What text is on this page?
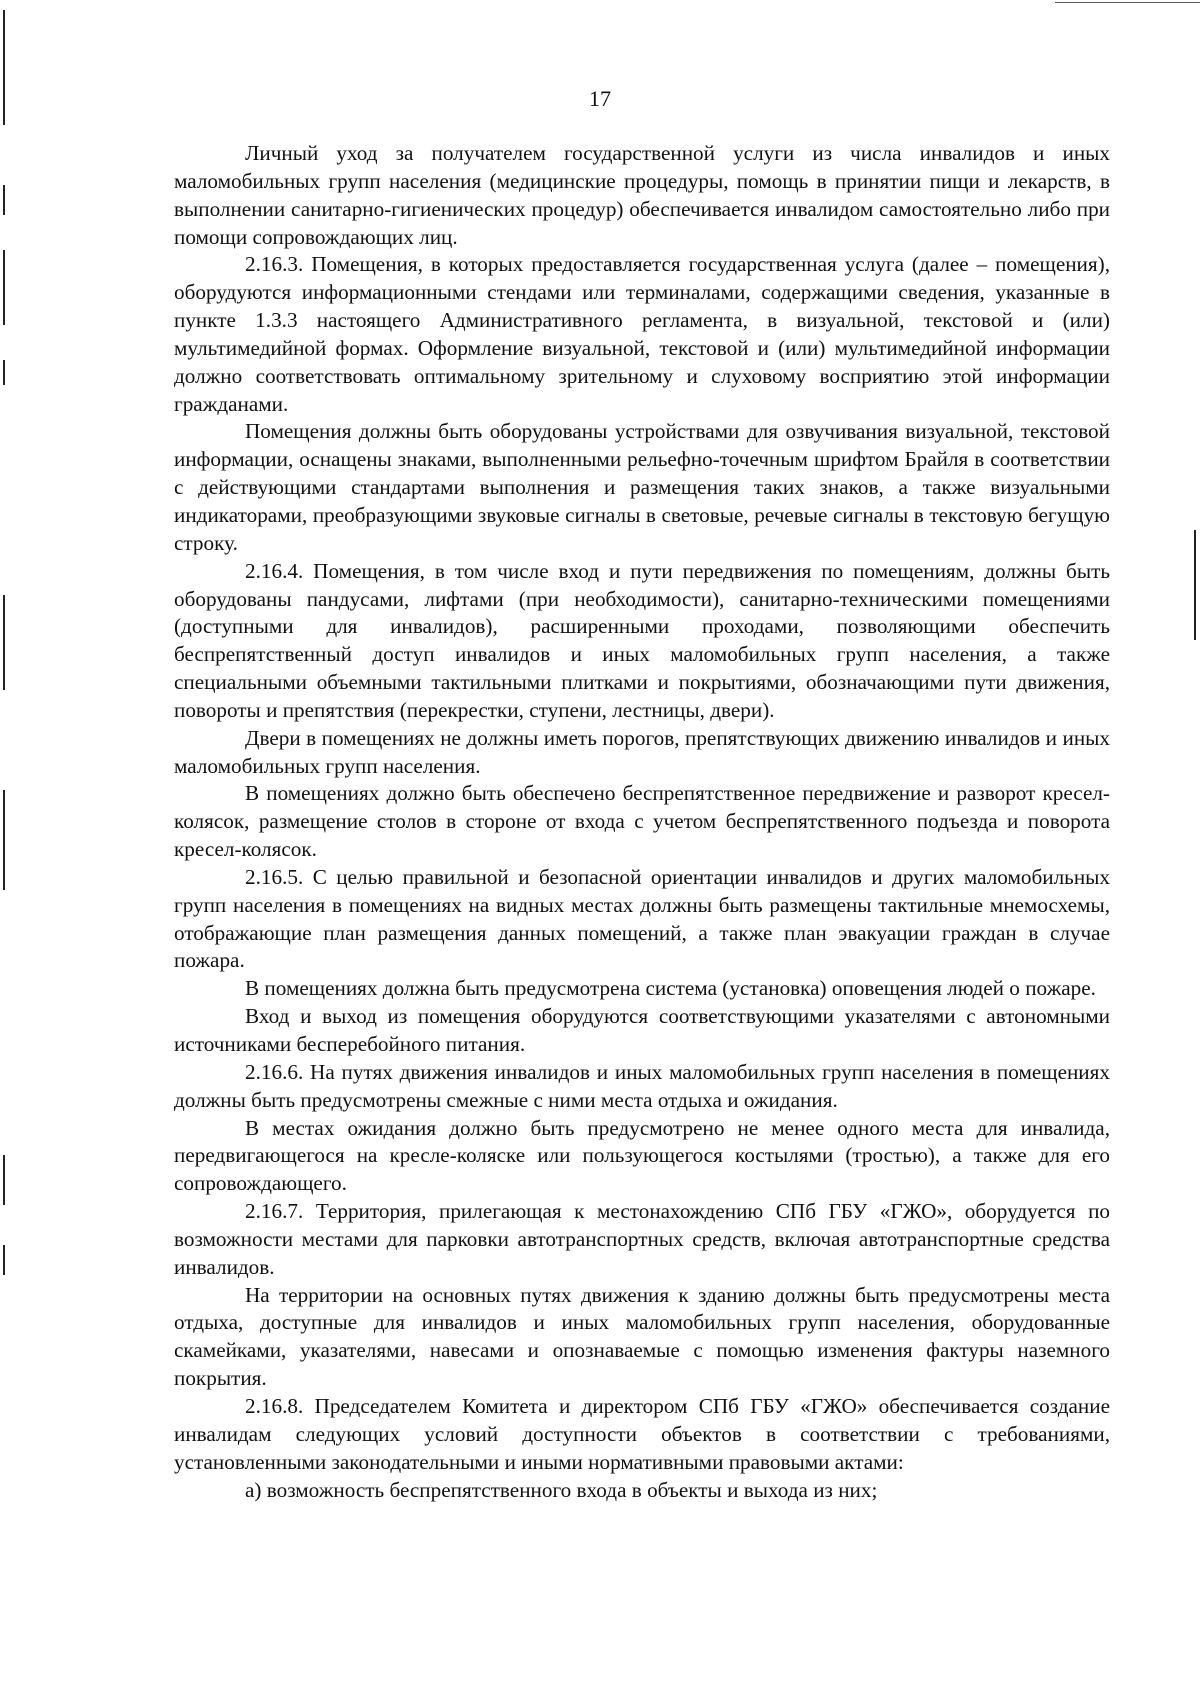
17

Личный уход за получателем государственной услуги из числа инвалидов и иных маломобильных групп населения (медицинские процедуры, помощь в принятии пищи и лекарств, в выполнении санитарно-гигиенических процедур) обеспечивается инвалидом самостоятельно либо при помощи сопровождающих лиц.

2.16.3. Помещения, в которых предоставляется государственная услуга (далее – помещения), оборудуются информационными стендами или терминалами, содержащими сведения, указанные в пункте 1.3.3 настоящего Административного регламента, в визуальной, текстовой и (или) мультимедийной формах. Оформление визуальной, текстовой и (или) мультимедийной информации должно соответствовать оптимальному зрительному и слуховому восприятию этой информации гражданами.

Помещения должны быть оборудованы устройствами для озвучивания визуальной, текстовой информации, оснащены знаками, выполненными рельефно-точечным шрифтом Брайля в соответствии с действующими стандартами выполнения и размещения таких знаков, а также визуальными индикаторами, преобразующими звуковые сигналы в световые, речевые сигналы в текстовую бегущую строку.

2.16.4. Помещения, в том числе вход и пути передвижения по помещениям, должны быть оборудованы пандусами, лифтами (при необходимости), санитарно-техническими помещениями (доступными для инвалидов), расширенными проходами, позволяющими обеспечить беспрепятственный доступ инвалидов и иных маломобильных групп населения, а также специальными объемными тактильными плитками и покрытиями, обозначающими пути движения, повороты и препятствия (перекрестки, ступени, лестницы, двери).

Двери в помещениях не должны иметь порогов, препятствующих движению инвалидов и иных маломобильных групп населения.

В помещениях должно быть обеспечено беспрепятственное передвижение и разворот кресел-колясок, размещение столов в стороне от входа с учетом беспрепятственного подъезда и поворота кресел-колясок.

2.16.5. С целью правильной и безопасной ориентации инвалидов и других маломобильных групп населения в помещениях на видных местах должны быть размещены тактильные мнемосхемы, отображающие план размещения данных помещений, а также план эвакуации граждан в случае пожара.

В помещениях должна быть предусмотрена система (установка) оповещения людей о пожаре.

Вход и выход из помещения оборудуются соответствующими указателями с автономными источниками бесперебойного питания.

2.16.6. На путях движения инвалидов и иных маломобильных групп населения в помещениях должны быть предусмотрены смежные с ними места отдыха и ожидания.

В местах ожидания должно быть предусмотрено не менее одного места для инвалида, передвигающегося на кресле-коляске или пользующегося костылями (тростью), а также для его сопровождающего.

2.16.7. Территория, прилегающая к местонахождению СПб ГБУ «ГЖО», оборудуется по возможности местами для парковки автотранспортных средств, включая автотранспортные средства инвалидов.

На территории на основных путях движения к зданию должны быть предусмотрены места отдыха, доступные для инвалидов и иных маломобильных групп населения, оборудованные скамейками, указателями, навесами и опознаваемые с помощью изменения фактуры наземного покрытия.

2.16.8. Председателем Комитета и директором СПб ГБУ «ГЖО» обеспечивается создание инвалидам следующих условий доступности объектов в соответствии с требованиями, установленными законодательными и иными нормативными правовыми актами:

а) возможность беспрепятственного входа в объекты и выхода из них;
